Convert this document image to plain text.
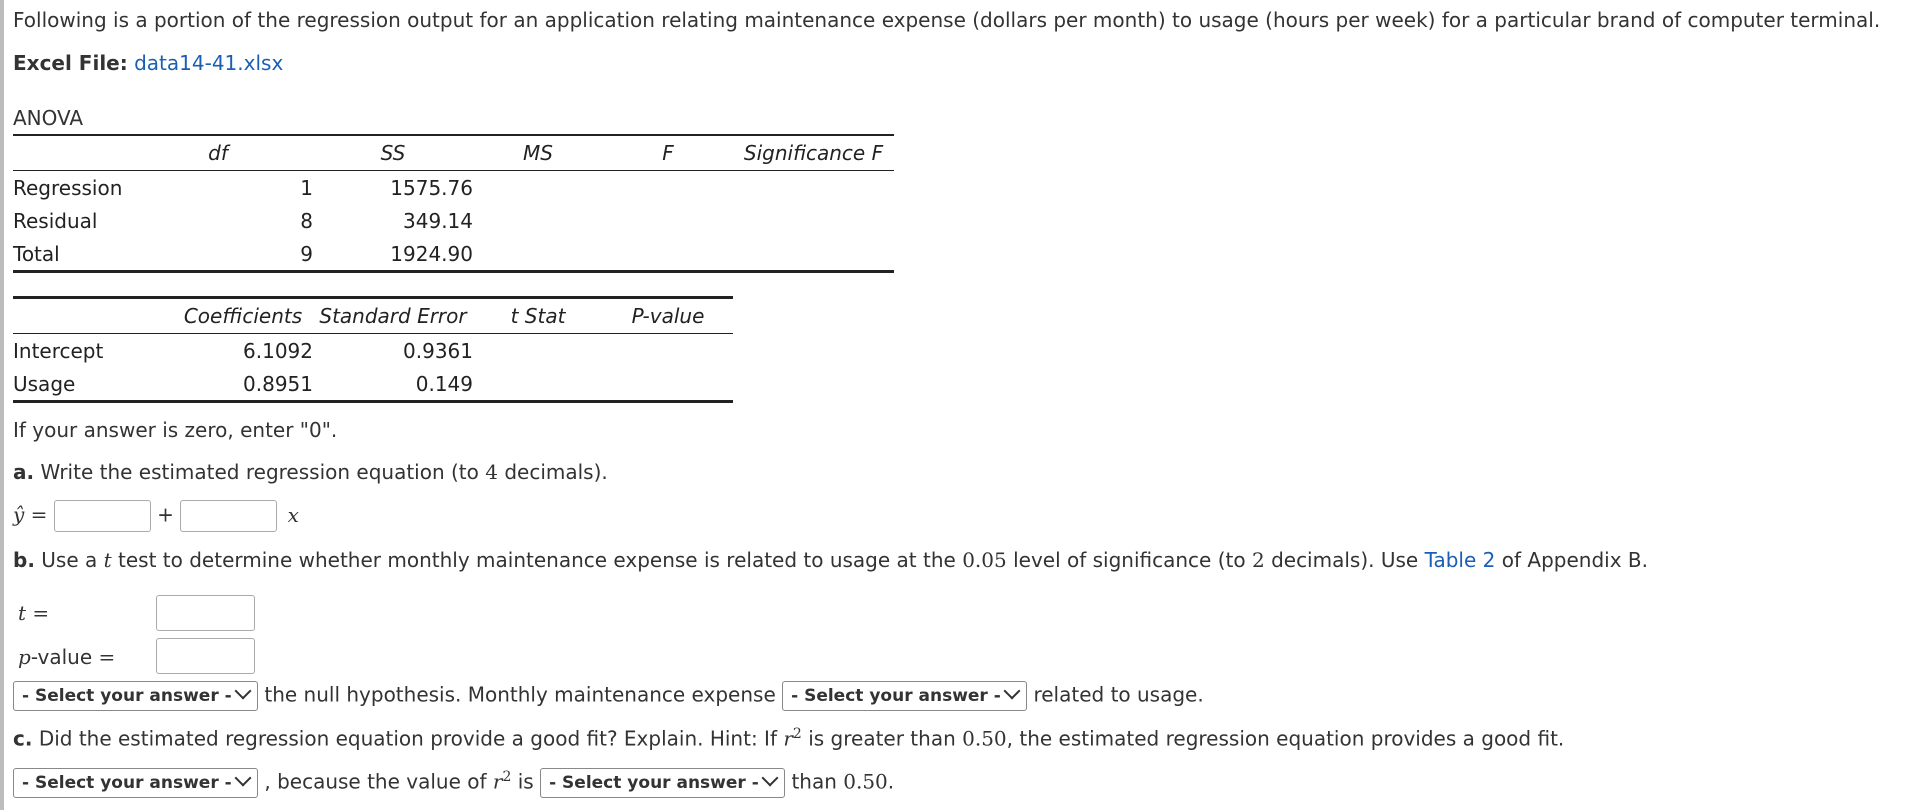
Following is a portion of the regression output for an application relating maintenance expense (dollars per month) to usage (hours per week) for a particular brand of computer terminal.
Excel File: data14-41.xlsx
ANOVA
	df	SS	MS	F	Significance F
Regression	1	1575.76			
Residual	8	349.14			
Total	9	1924.90			
	Coefficients	Standard Error	t Stat	P-value
Intercept	6.1092	0.9361		
Usage	0.8951	0.149		
If your answer is zero, enter "0".
a. Write the estimated regression equation (to 4 decimals).
ŷ =	+	x
b. Use a t test to determine whether monthly maintenance expense is related to usage at the 0.05 level of significance (to 2 decimals). Use Table 2 of Appendix B.
t =
p-value =
- Select your answer - the null hypothesis. Monthly maintenance expense - Select your answer - related to usage.
c. Did the estimated regression equation provide a good fit? Explain. Hint: If $r^2$ is greater than 0.50, the estimated regression equation provides a good fit.
- Select your answer - , because the value of $r^2$ is - Select your answer - than 0.50.
